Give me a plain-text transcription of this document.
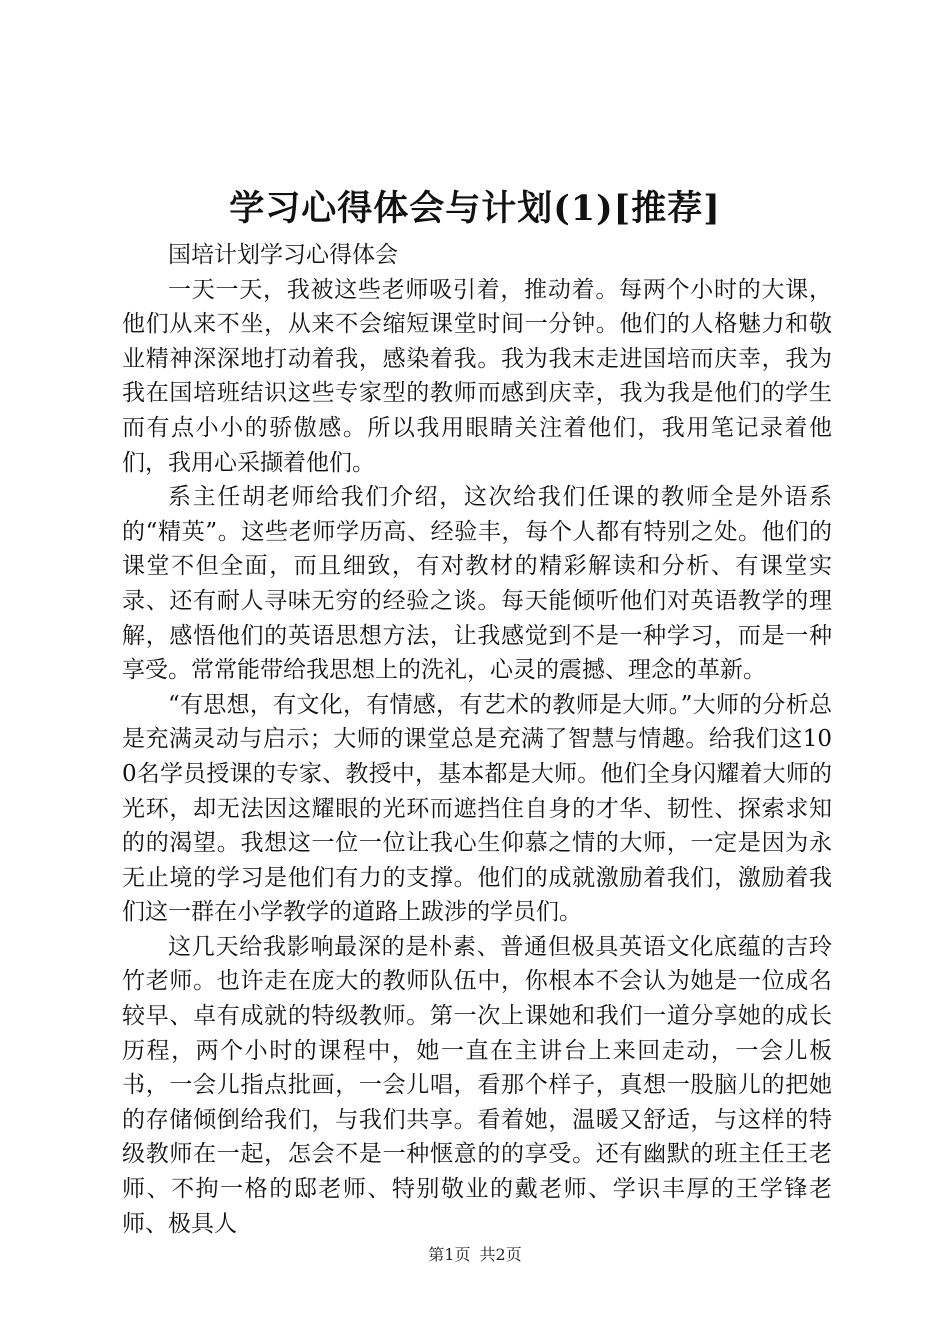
学习心得体会与计划(1)[推荐]

国培计划学习心得体会

一天一天，我被这些老师吸引着，推动着。每两个小时的大课，他们从来不坐，从来不会缩短课堂时间一分钟。他们的人格魅力和敬业精神深深地打动着我，感染着我。我为我末走进国培而庆幸，我为我在国培班结识这些专家型的教师而感到庆幸，我为我是他们的学生而有点小小的骄傲感。所以我用眼睛关注着他们，我用笔记录着他们，我用心采撷着他们。

系主任胡老师给我们介绍，这次给我们任课的教师全是外语系的“精英”。这些老师学历高、经验丰，每个人都有特别之处。他们的课堂不但全面，而且细致，有对教材的精彩解读和分析、有课堂实录、还有耐人寻味无穷的经验之谈。每天能倾听他们对英语教学的理解，感悟他们的英语思想方法，让我感觉到不是一种学习，而是一种享受。常常能带给我思想上的洗礼，心灵的震撼、理念的革新。

“有思想，有文化，有情感，有艺术的教师是大师。”大师的分析总是充满灵动与启示；大师的课堂总是充满了智慧与情趣。给我们这100名学员授课的专家、教授中，基本都是大师。他们全身闪耀着大师的光环，却无法因这耀眼的光环而遮挡住自身的才华、韧性、探索求知的的渴望。我想这一位一位让我心生仰慕之情的大师，一定是因为永无止境的学习是他们有力的支撑。他们的成就激励着我们，激励着我们这一群在小学教学的道路上跋涉的学员们。

这几天给我影响最深的是朴素、普通但极具英语文化底蕴的吉玲竹老师。也许走在庞大的教师队伍中，你根本不会认为她是一位成名较早、卓有成就的特级教师。第一次上课她和我们一道分享她的成长历程，两个小时的课程中，她一直在主讲台上来回走动，一会儿板书，一会儿指点批画，一会儿唱，看那个样子，真想一股脑儿的把她的存储倾倒给我们，与我们共享。看着她，温暖又舒适，与这样的特级教师在一起，怎会不是一种惬意的的享受。还有幽默的班主任王老师、不拘一格的邸老师、特别敬业的戴老师、学识丰厚的王学锋老师、极具人

第1页 共2页
